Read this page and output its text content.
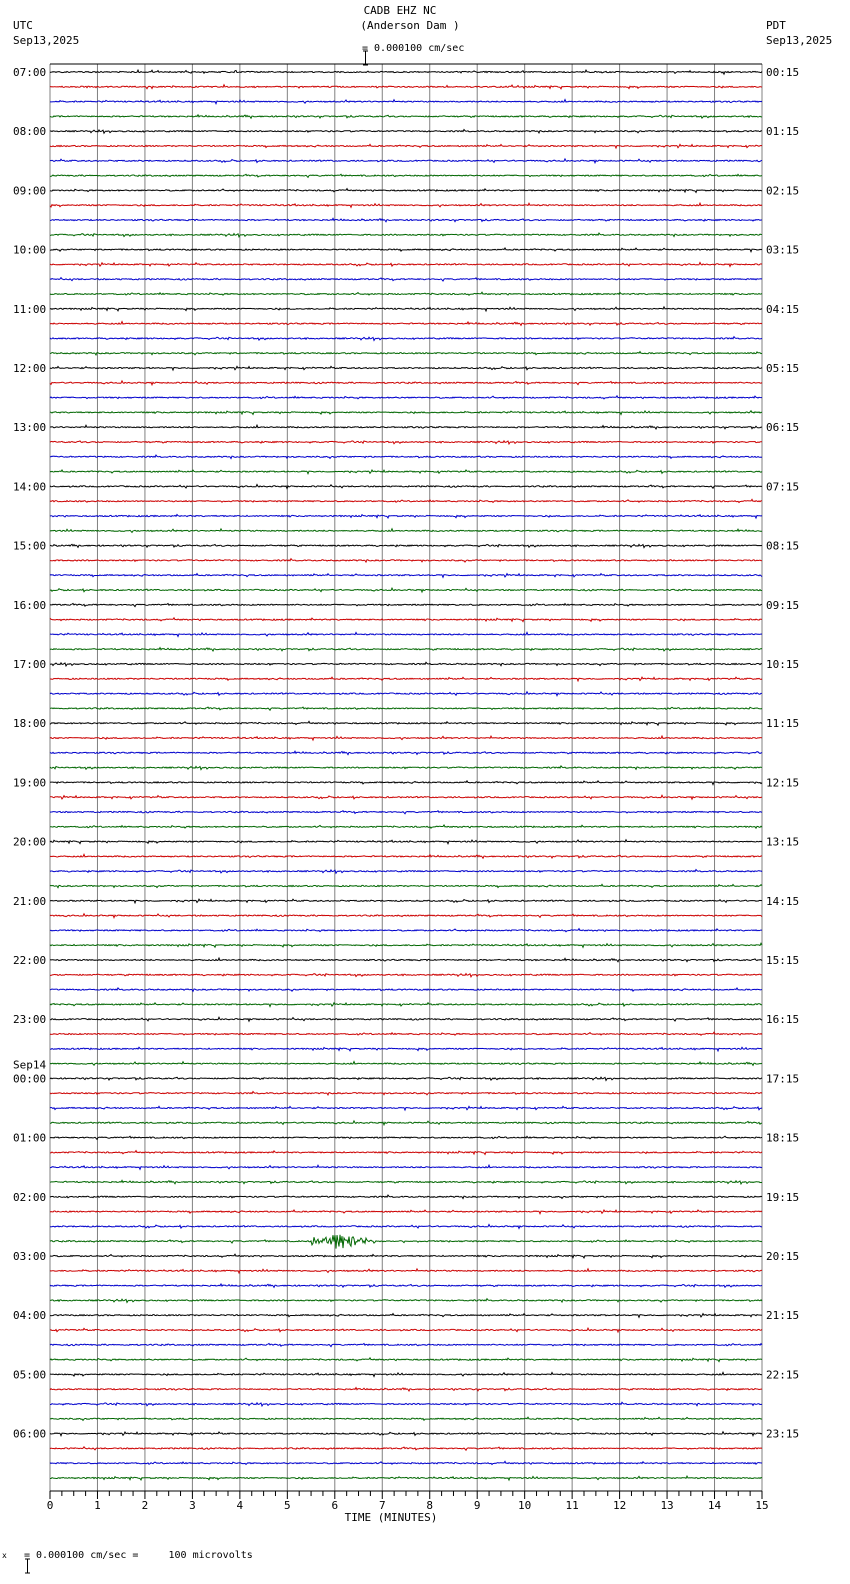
CADB EHZ NC
(Anderson Dam )

= 0.000100 cm/sec
UTC
Sep13,2025
PDT
Sep13,2025
0	1	2	3	4	5	6	7	8	9	10	11	12	13	14	15
TIME (MINUTES)
07:00
08:00
09:00
10:00
11:00
12:00
13:00
14:00
15:00
16:00
17:00
18:00
19:00
20:00
21:00
22:00
23:00
00:00
Sep14
01:00
02:00
03:00
04:00
05:00
06:00
00:15
01:15
02:15
03:15
04:15
05:15
06:15
07:15
08:15
09:15
10:15
11:15
12:15
13:15
14:15
15:15
16:15
17:15
18:15
19:15
20:15
21:15
22:15
23:15
x

= 0.000100 cm/sec =     100 microvolts
